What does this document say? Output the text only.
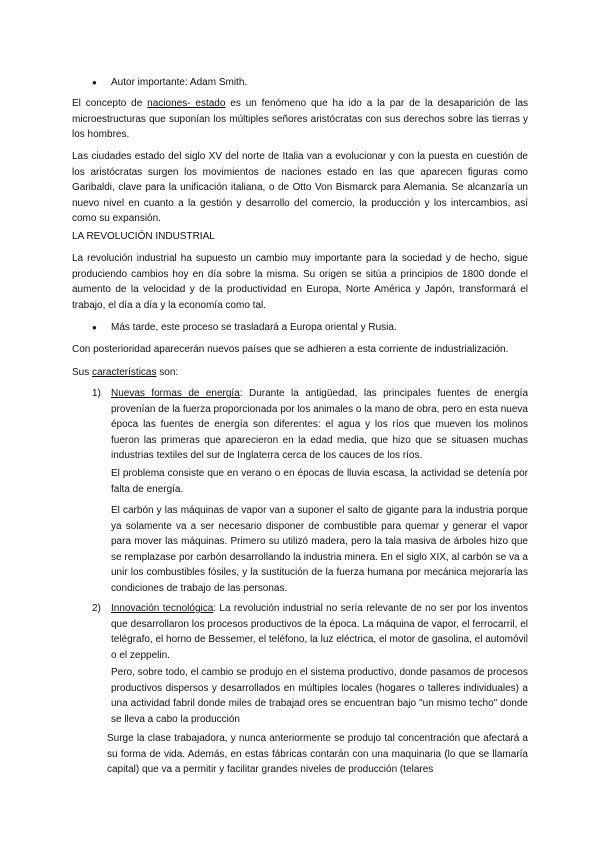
● Autor importante: Adam Smith.

El concepto de naciones- estado es un fenómeno que ha ido a la par de la desaparición de las microestructuras que suponían los múltiples señores aristócratas con sus derechos sobre las tierras y los hombres.

Las ciudades estado del siglo XV del norte de Italia van a evolucionar y con la puesta en cuestión de los aristócratas surgen los movimientos de naciones estado en las que aparecen figuras como Garibaldi, clave para la unificación italiana, o de Otto Von Bismarck para Alemania. Se alcanzaría un nuevo nivel en cuanto a la gestión y desarrollo del comercio, la producción y los intercambios, así como su expansión.

LA REVOLUCIÓN INDUSTRIAL

La revolución industrial ha supuesto un cambio muy importante para la sociedad y de hecho, sigue produciendo cambios hoy en día sobre la misma. Su origen se sitúa a principios de 1800 donde el aumento de la velocidad y de la productividad en Europa, Norte América y Japón, transformará el trabajo, el día a día y la economía como tal.

● Más tarde, este proceso se trasladará a Europa oriental y Rusia.

Con posterioridad aparecerán nuevos países que se adhieren a esta corriente de industrialización.

Sus características son:

1) Nuevas formas de energía: Durante la antigüedad, las principales fuentes de energía provenían de la fuerza proporcionada por los animales o la mano de obra, pero en esta nueva época las fuentes de energía son diferentes: el agua y los ríos que mueven los molinos fueron las primeras que aparecieron en la edad media, que hizo que se situasen muchas industrias textiles del sur de Inglaterra cerca de los cauces de los ríos.

El problema consiste que en verano o en épocas de lluvia escasa, la actividad se detenía por falta de energía.

El carbón y las máquinas de vapor van a suponer el salto de gigante para la industria porque ya solamente va a ser necesario disponer de combustible para quemar y generar el vapor para mover las máquinas. Primero su utilizó madera, pero la tala masiva de árboles hizo que se remplazase por carbón desarrollando la industria minera. En el siglo XIX, al carbón se va a unir los combustibles fósiles, y la sustitución de la fuerza humana por mecánica mejoraría las condiciones de trabajo de las personas.

2) Innovación tecnológica: La revolución industrial no sería relevante de no ser por los inventos que desarrollaron los procesos productivos de la época. La máquina de vapor, el ferrocarril, el telégrafo, el horno de Bessemer, el teléfono, la luz eléctrica, el motor de gasolina, el automóvil o el zeppelin.

Pero, sobre todo, el cambio se produjo en el sistema productivo, donde pasamos de procesos productivos dispersos y desarrollados en múltiples locales (hogares o talleres individuales) a una actividad fabril donde miles de trabajad ores se encuentran bajo "un mismo techo" donde se lleva a cabo la producción

Surge la clase trabajadora, y nunca anteriormente se produjo tal concentración que afectará a su forma de vida. Además, en estas fábricas contarán con una maquinaria (lo que se llamaría capital) que va a permitir y facilitar grandes niveles de producción (telares
